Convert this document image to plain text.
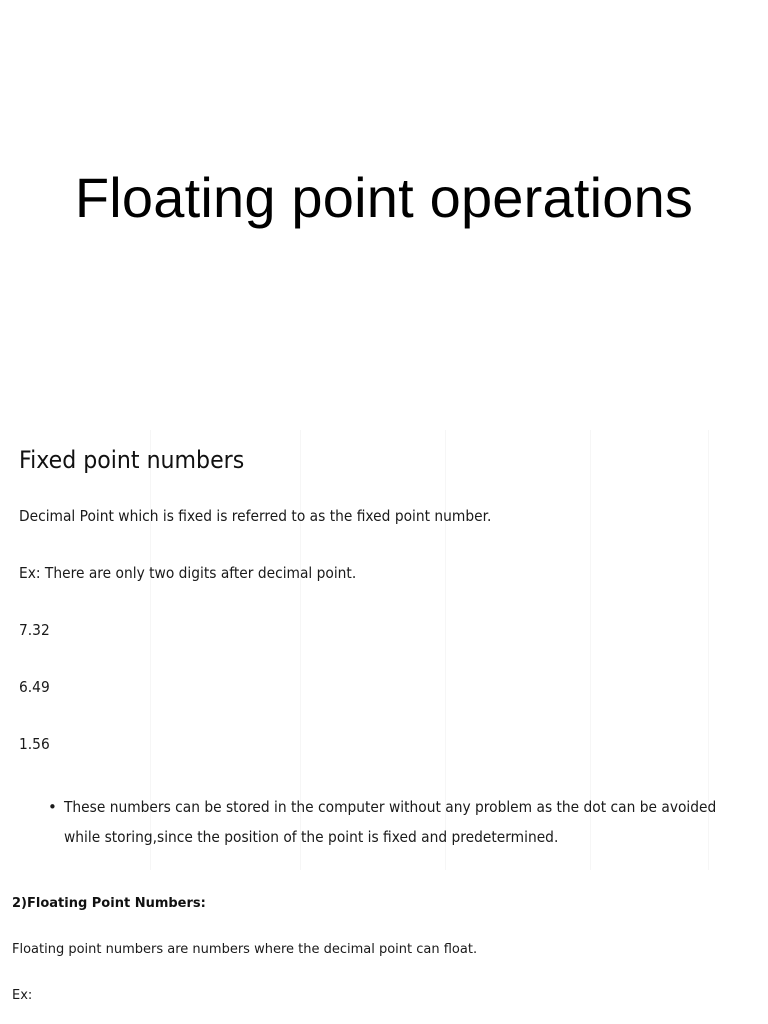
Floating point operations
Fixed point numbers

Decimal Point which is fixed is referred to as the fixed point number.

Ex: There are only two digits after decimal point.

7.32

6.49

1.56

• These numbers can be stored in the computer without any problem as the dot can be avoided while storing,since the position of the point is fixed and predetermined.

2)Floating Point Numbers:

Floating point numbers are numbers where the decimal point can float.

Ex:
